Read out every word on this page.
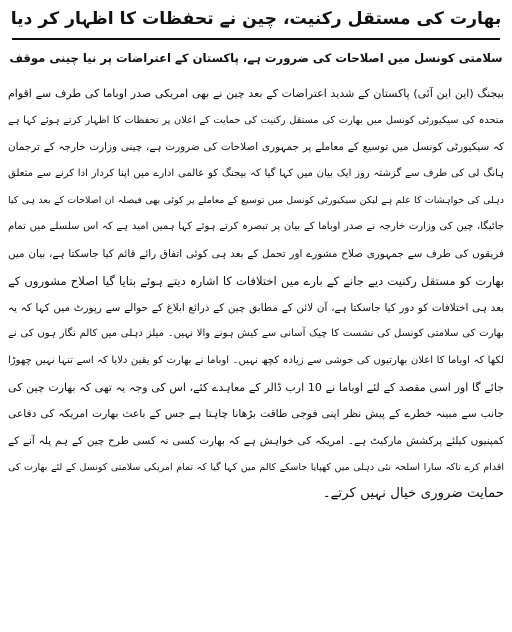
بھارت کی مستقل رکنیت، چین نے تحفظات کا اظہار کر دیا
سلامتی کونسل میں اصلاحات کی ضرورت ہے، پاکستان کے اعتراضات پر نیا چینی موقف
بیجنگ (این این آئی) پاکستان کے شدید اعتراضات کے بعد چین نے بھی امریکی صدر اوباما کی طرف سے اقوام
متحدہ کی سیکیورٹی کونسل میں بھارت کی مستقل رکنیت کی حمایت کے اعلان پر تحفظات کا اظہار کرتے ہوئے کہا ہے
کہ سیکیورٹی کونسل میں توسیع کے معاملے پر جمہوری اصلاحات کی ضرورت ہے، چینی وزارت خارجہ کے ترجمان
ہانگ لی کی طرف سے گزشتہ روز ایک بیان میں کہا گیا کہ بیجنگ کو عالمی ادارے میں اپنا کردار ادا کرنے سے متعلق
دہلی کی خواہشات کا علم ہے لیکن سیکیورٹی کونسل میں توسیع کے معاملے پر کوئی بھی فیصلہ ان اصلاحات کے بعد ہی کیا
جائیگا، چین کی وزارت خارجہ نے صدر اوباما کے بیان پر تبصرہ کرتے ہوئے کہا ہمیں امید ہے کہ اس سلسلے میں تمام
فریقوں کی طرف سے جمہوری صلاح مشورے اور تحمل کے بعد ہی کوئی اتفاق رائے قائم کیا جاسکتا ہے، بیان میں
بھارت کو مستقل رکنیت دیے جانے کے بارے میں اختلافات کا اشارہ دیتے ہوئے بتایا گیا اصلاح مشوروں کے
بعد ہی اختلافات کو دور کیا جاسکتا ہے، آن لائن کے مطابق چین کے ذرائع ابلاغ کے حوالے سے رپورٹ میں کہا کہ یہ
بھارت کی سلامتی کونسل کی نشست کا چیک آسانی سے کیش ہونے والا نہیں۔ میلز دہلی میں کالم نگار ہوں کی نے
لکھا کہ اوباما کا اعلان بھارتیوں کی خوشی سے زیادہ کچھ نہیں۔ اوباما نے بھارت کو یقین دلایا کہ اسے تنہا نہیں چھوڑا
جائے گا اور اسی مقصد کے لئے اوباما نے 10 ارب ڈالر کے معاہدے کئے، اس کی وجہ یہ تھی کہ بھارت چین کی
جانب سے مبینہ خطرے کے پیش نظر اپنی فوجی طاقت بڑھانا چاہتا ہے جس کے باعث بھارت امریکہ کی دفاعی
کمپنیوں کیلئے پرکشش مارکیٹ ہے۔ امریکہ کی خواہش ہے کہ بھارت کسی نہ کسی طرح چین کے ہم پلہ آنے کے
اقدام کرے تاکہ سارا اسلحہ نئی دہلی میں کھپایا جاسکے کالم میں کہا گیا کہ تمام امریکی سلامتی کونسل کے لئے بھارت کی
حمایت ضروری خیال نہیں کرتے۔
